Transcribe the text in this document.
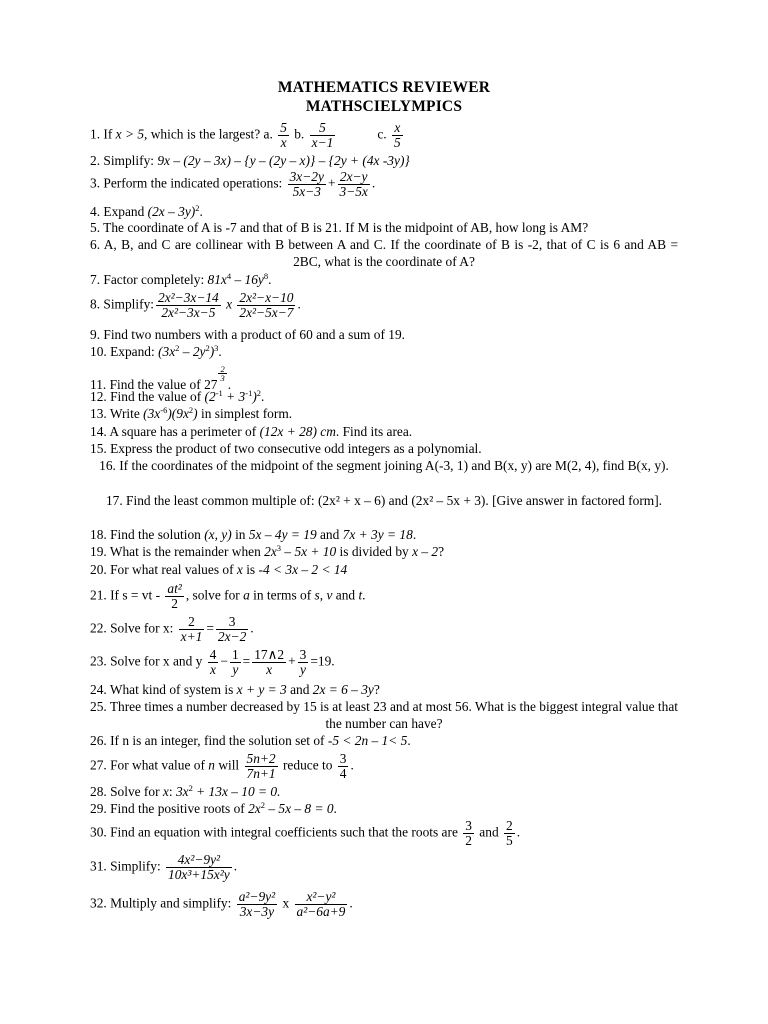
MATHEMATICS REVIEWER
MATHSCIELYMPICS
1. If x > 5, which is the largest? a. $\frac{5}{x} b$. $\frac{5}{x-1}$	c. $\frac{x}{5}$
2. Simplify: 9x – (2y – 3x) – {y – (2y – x)} – {2y + (4x -3y)}
3. Perform the indicated operations: $\frac{3x-2y}{5x-3} + \frac{2x-y}{3-5x}$ .
4. Expand (2x – 3y)$^2$.
5. The coordinate of A is -7 and that of B is 21. If M is the midpoint of AB, how long is AM?
6. A, B, and C are collinear with B between A and C. If the coordinate of B is -2, that of C is 6 and AB = 2BC, what is the coordinate of A?
7. Factor completely: $81x^4 - 16y^8$.
8. Simplify: $\frac{\text{2x²−3x−14}}{\text{2x²−3x−5}}$ x $\frac{\text{2x²−x−10}}{\text{2x²−5x−7}}$ .
9. Find two numbers with a product of 60 and a sum of 19.
10. Expand: $(3x^2 - 2y^2)^3$.
11. Find the value of 27
$\frac{2}{3}$
.
12. Find the value of $(2^{-1} + 3^{-1})^2$.
13. Write $(3x^{-6})(9x^2)$ in simplest form.
14. A square has a perimeter of (12x + 28) cm. Find its area.
15. Express the product of two consecutive odd integers as a polynomial.
16. If the coordinates of the midpoint of the segment joining A(-3, 1) and B(x, y) are M(2, 4), find B(x, y).
17. Find the least common multiple of: (2x² + x – 6) and (2x² – 5x + 3). [Give answer in factored form].
18. Find the solution (x, y) in 5x – 4y = 19 and 7x + 3y = 18.
19. What is the remainder when $2x^3 - 5x + 10$ is divided by x – 2?
20. For what real values of x is -4 < 3x – 2 < 14
21. If s = vt - $\frac{\text{at²}}{2}$ , solve for a in terms of s, v and t.
22. Solve for x: $\frac{2}{x+1} = \frac{3}{2x-2}$ .
23. Solve for x and y $\frac{4}{x} - \frac{1}{y} = \frac{17\wedge 2}{x} + \frac{3}{y} =19$.
24. What kind of system is x + y = 3 and 2x = 6 – 3y?
25. Three times a number decreased by 15 is at least 23 and at most 56. What is the biggest integral value that the number can have?
26. If n is an integer, find the solution set of -5 < 2n – 1< 5.
27. For what value of n will $\frac{5n+2}{7n+1}$ reduce to $\frac{3}{4}$ .
28. Solve for x: $3x^2 + 13x - 10 = 0$.
29. Find the positive roots of $2x^2 - 5x - 8 = 0$.
30. Find an equation with integral coefficients such that the roots are $\frac{3}{2}$ and $\frac{2}{5}$ .
31. Simplify: $\frac{\text{4x²−9y²}}{\text{10x³+15x²y}}$ .
32. Multiply and simplify: $\frac{\text{a²−9y²}}{3x-3y}$ x $\frac{\text{x²−y²}}{\text{a²−6a+9}}$ .
